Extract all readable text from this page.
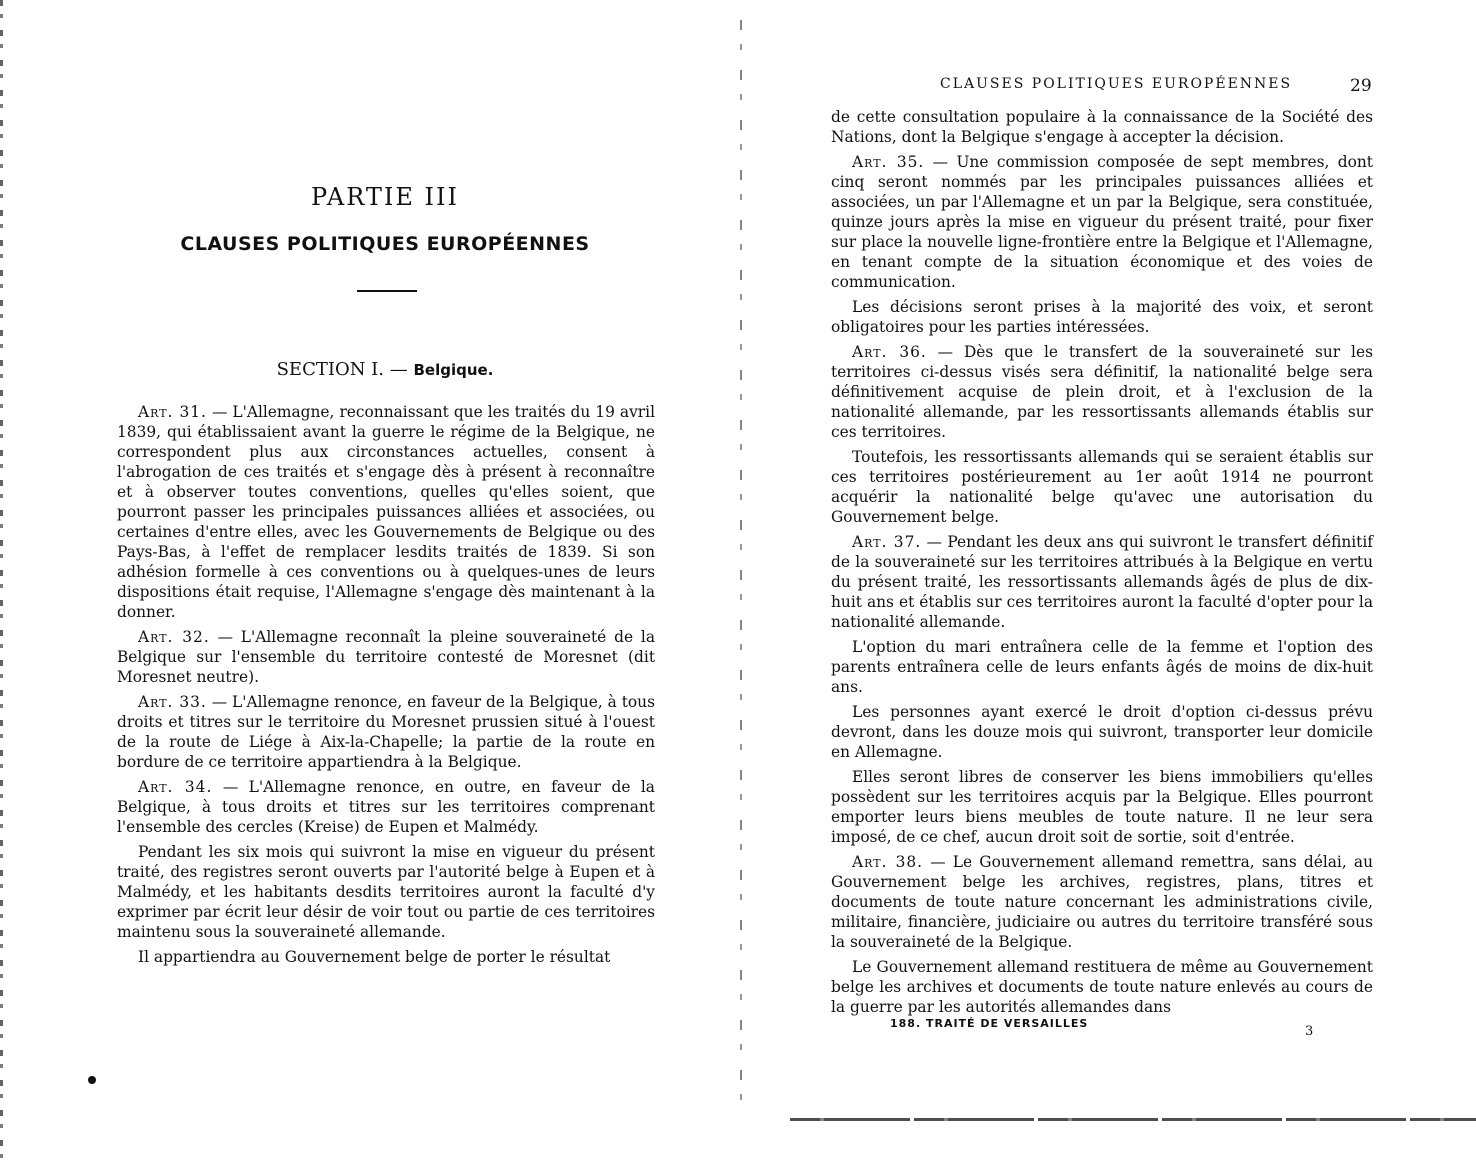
PARTIE III
CLAUSES POLITIQUES EUROPÉENNES
SECTION I. — Belgique.

Art. 31. — L'Allemagne, reconnaissant que les traités du 19 avril 1839, qui établissaient avant la guerre le régime de la Belgique, ne correspondent plus aux circonstances actuelles, consent à l'abrogation de ces traités et s'engage dès à présent à reconnaître et à observer toutes conventions, quelles qu'elles soient, que pourront passer les principales puissances alliées et associées, ou certaines d'entre elles, avec les Gouvernements de Belgique ou des Pays-Bas, à l'effet de remplacer lesdits traités de 1839. Si son adhésion formelle à ces conventions ou à quelques-unes de leurs dispositions était requise, l'Allemagne s'engage dès maintenant à la donner.

Art. 32. — L'Allemagne reconnaît la pleine souveraineté de la Belgique sur l'ensemble du territoire contesté de Moresnet (dit Moresnet neutre).

Art. 33. — L'Allemagne renonce, en faveur de la Belgique, à tous droits et titres sur le territoire du Moresnet prussien situé à l'ouest de la route de Liége à Aix-la-Chapelle; la partie de la route en bordure de ce territoire appartiendra à la Belgique.

Art. 34. — L'Allemagne renonce, en outre, en faveur de la Belgique, à tous droits et titres sur les territoires comprenant l'ensemble des cercles (Kreise) de Eupen et Malmédy.

Pendant les six mois qui suivront la mise en vigueur du présent traité, des registres seront ouverts par l'autorité belge à Eupen et à Malmédy, et les habitants desdits territoires auront la faculté d'y exprimer par écrit leur désir de voir tout ou partie de ces territoires maintenu sous la souveraineté allemande.

Il appartiendra au Gouvernement belge de porter le résultat

CLAUSES POLITIQUES EUROPÉENNES	29

de cette consultation populaire à la connaissance de la Société des Nations, dont la Belgique s'engage à accepter la décision.

Art. 35. — Une commission composée de sept membres, dont cinq seront nommés par les principales puissances alliées et associées, un par l'Allemagne et un par la Belgique, sera constituée, quinze jours après la mise en vigueur du présent traité, pour fixer sur place la nouvelle ligne-frontière entre la Belgique et l'Allemagne, en tenant compte de la situation économique et des voies de communication.

Les décisions seront prises à la majorité des voix, et seront obligatoires pour les parties intéressées.

Art. 36. — Dès que le transfert de la souveraineté sur les territoires ci-dessus visés sera définitif, la nationalité belge sera définitivement acquise de plein droit, et à l'exclusion de la nationalité allemande, par les ressortissants allemands établis sur ces territoires.

Toutefois, les ressortissants allemands qui se seraient établis sur ces territoires postérieurement au 1er août 1914 ne pourront acquérir la nationalité belge qu'avec une autorisation du Gouvernement belge.

Art. 37. — Pendant les deux ans qui suivront le transfert définitif de la souveraineté sur les territoires attribués à la Belgique en vertu du présent traité, les ressortissants allemands âgés de plus de dix-huit ans et établis sur ces territoires auront la faculté d'opter pour la nationalité allemande.

L'option du mari entraînera celle de la femme et l'option des parents entraînera celle de leurs enfants âgés de moins de dix-huit ans.

Les personnes ayant exercé le droit d'option ci-dessus prévu devront, dans les douze mois qui suivront, transporter leur domicile en Allemagne.

Elles seront libres de conserver les biens immobiliers qu'elles possèdent sur les territoires acquis par la Belgique. Elles pourront emporter leurs biens meubles de toute nature. Il ne leur sera imposé, de ce chef, aucun droit soit de sortie, soit d'entrée.

Art. 38. — Le Gouvernement allemand remettra, sans délai, au Gouvernement belge les archives, registres, plans, titres et documents de toute nature concernant les administrations civile, militaire, financière, judiciaire ou autres du territoire transféré sous la souveraineté de la Belgique.

Le Gouvernement allemand restituera de même au Gouvernement belge les archives et documents de toute nature enlevés au cours de la guerre par les autorités allemandes dans

188. TRAITÉ DE VERSAILLES
3
